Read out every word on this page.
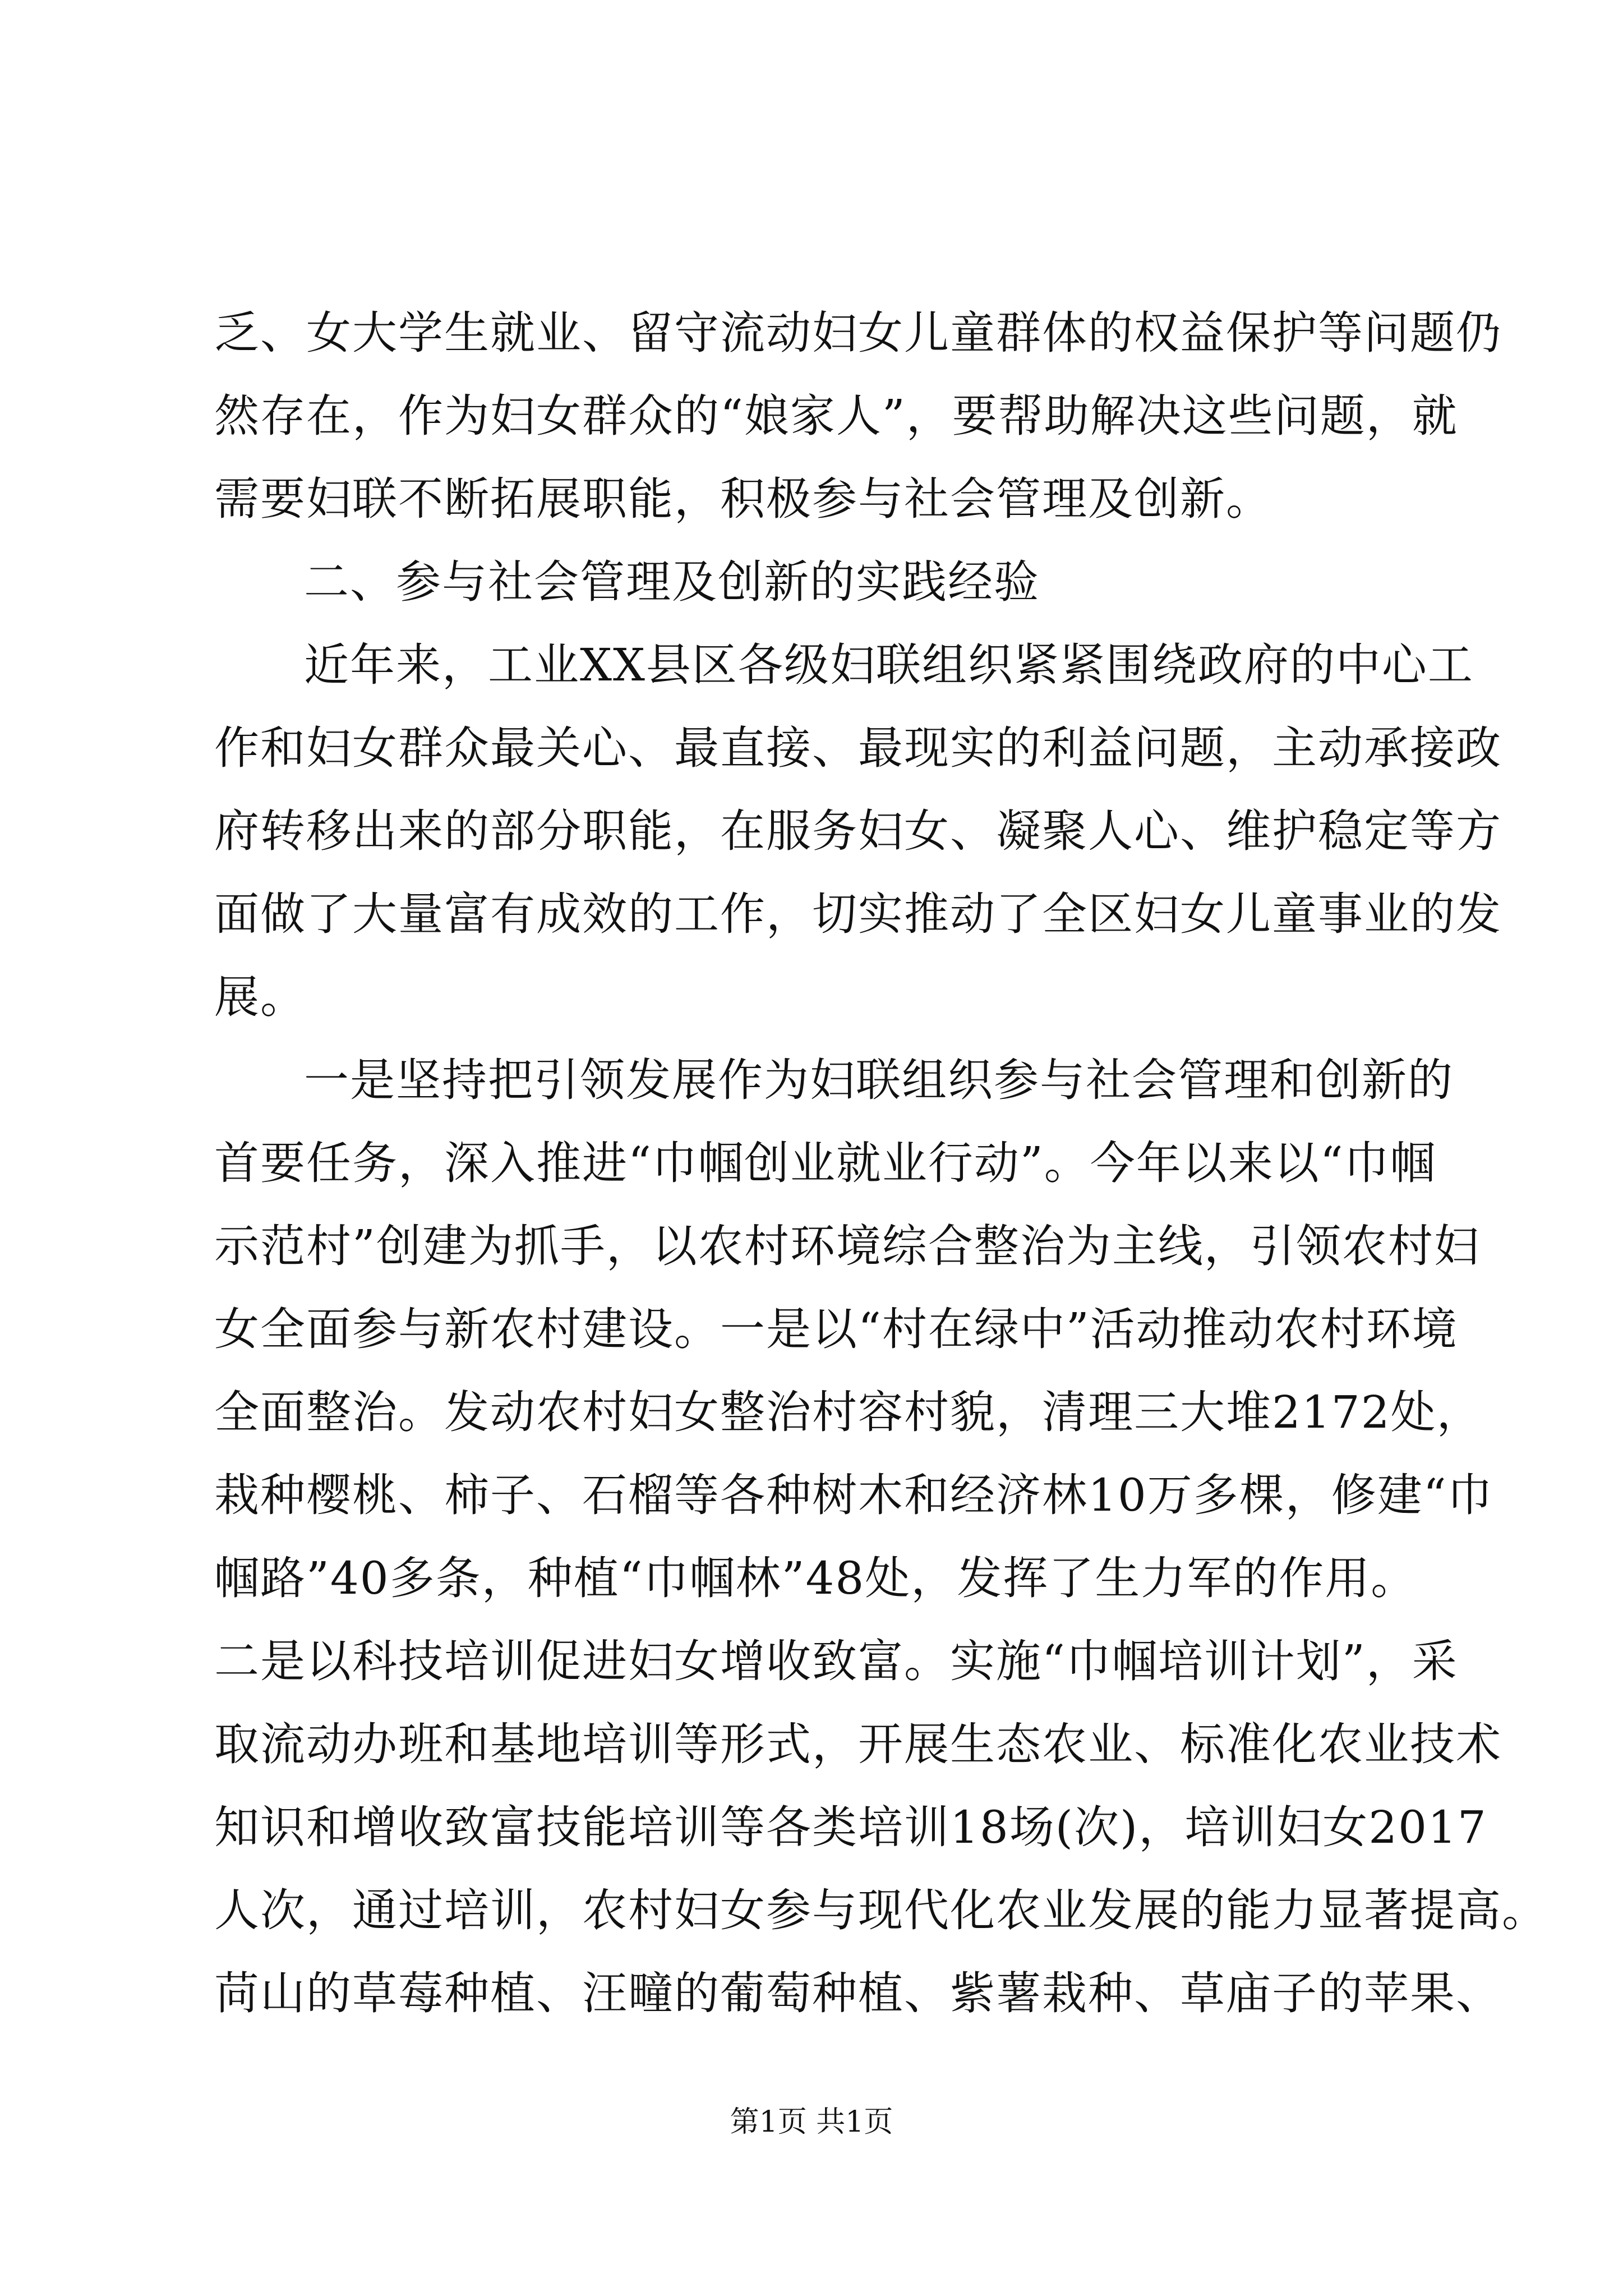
乏、女大学生就业、留守流动妇女儿童群体的权益保护等问题仍
然存在，作为妇女群众的“娘家人”，要帮助解决这些问题，就
需要妇联不断拓展职能，积极参与社会管理及创新。
二、参与社会管理及创新的实践经验
近年来，工业XX县区各级妇联组织紧紧围绕政府的中心工
作和妇女群众最关心、最直接、最现实的利益问题，主动承接政
府转移出来的部分职能，在服务妇女、凝聚人心、维护稳定等方
面做了大量富有成效的工作，切实推动了全区妇女儿童事业的发
展。
一是坚持把引领发展作为妇联组织参与社会管理和创新的
首要任务，深入推进“巾帼创业就业行动”。今年以来以“巾帼
示范村”创建为抓手，以农村环境综合整治为主线，引领农村妇
女全面参与新农村建设。一是以“村在绿中”活动推动农村环境
全面整治。发动农村妇女整治村容村貌，清理三大堆2172处，
栽种樱桃、柿子、石榴等各种树木和经济林10万多棵，修建“巾
帼路”40多条，种植“巾帼林”48处，发挥了生力军的作用。
二是以科技培训促进妇女增收致富。实施“巾帼培训计划”，采
取流动办班和基地培训等形式，开展生态农业、标准化农业技术
知识和增收致富技能培训等各类培训18场(次)，培训妇女2017
人次，通过培训，农村妇女参与现代化农业发展的能力显著提高。
苘山的草莓种植、汪疃的葡萄种植、紫薯栽种、草庙子的苹果、
第1页 共1页
